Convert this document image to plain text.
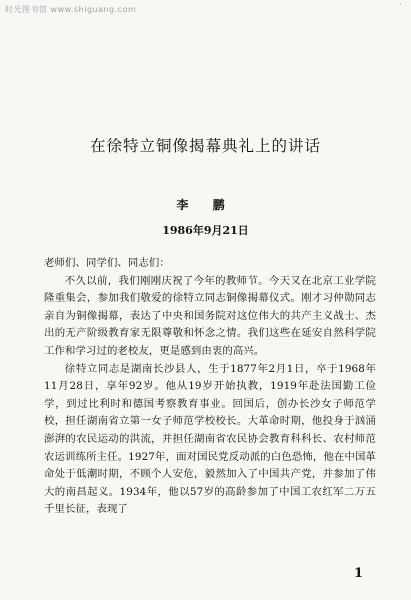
时光图书馆 www.shiguang.com	`
在徐特立铜像揭幕典礼上的讲话
李 鹏
1986年9月21日

老师们、同学们、同志们：

不久以前，我们刚刚庆祝了今年的教师节。今天又在北京工业学院隆重集会，参加我们敬爱的徐特立同志铜像揭幕仪式。刚才习仲勋同志亲自为铜像揭幕，表达了中央和国务院对这位伟大的共产主义战士、杰出的无产阶级教育家无限尊敬和怀念之情。我们这些在延安自然科学院工作和学习过的老校友，更是感到由衷的高兴。

徐特立同志是湖南长沙县人，生于1877年2月1日，卒于1968年11月28日，享年92岁。他从19岁开始执教，1919年赴法国勤工俭学，到过比利时和德国考察教育事业。回国后，创办长沙女子师范学校，担任湖南省立第一女子师范学校校长。大革命时期，他投身于汹涌澎湃的农民运动的洪流，并担任湖南省农民协会教育科科长、农村师范农运训练所主任。1927年，面对国民党反动派的白色恐怖，他在中国革命处于低潮时期，不顾个人安危，毅然加入了中国共产党，并参加了伟大的南昌起义。1934年，他以57岁的高龄参加了中国工农红军二万五千里长征，表现了

1
